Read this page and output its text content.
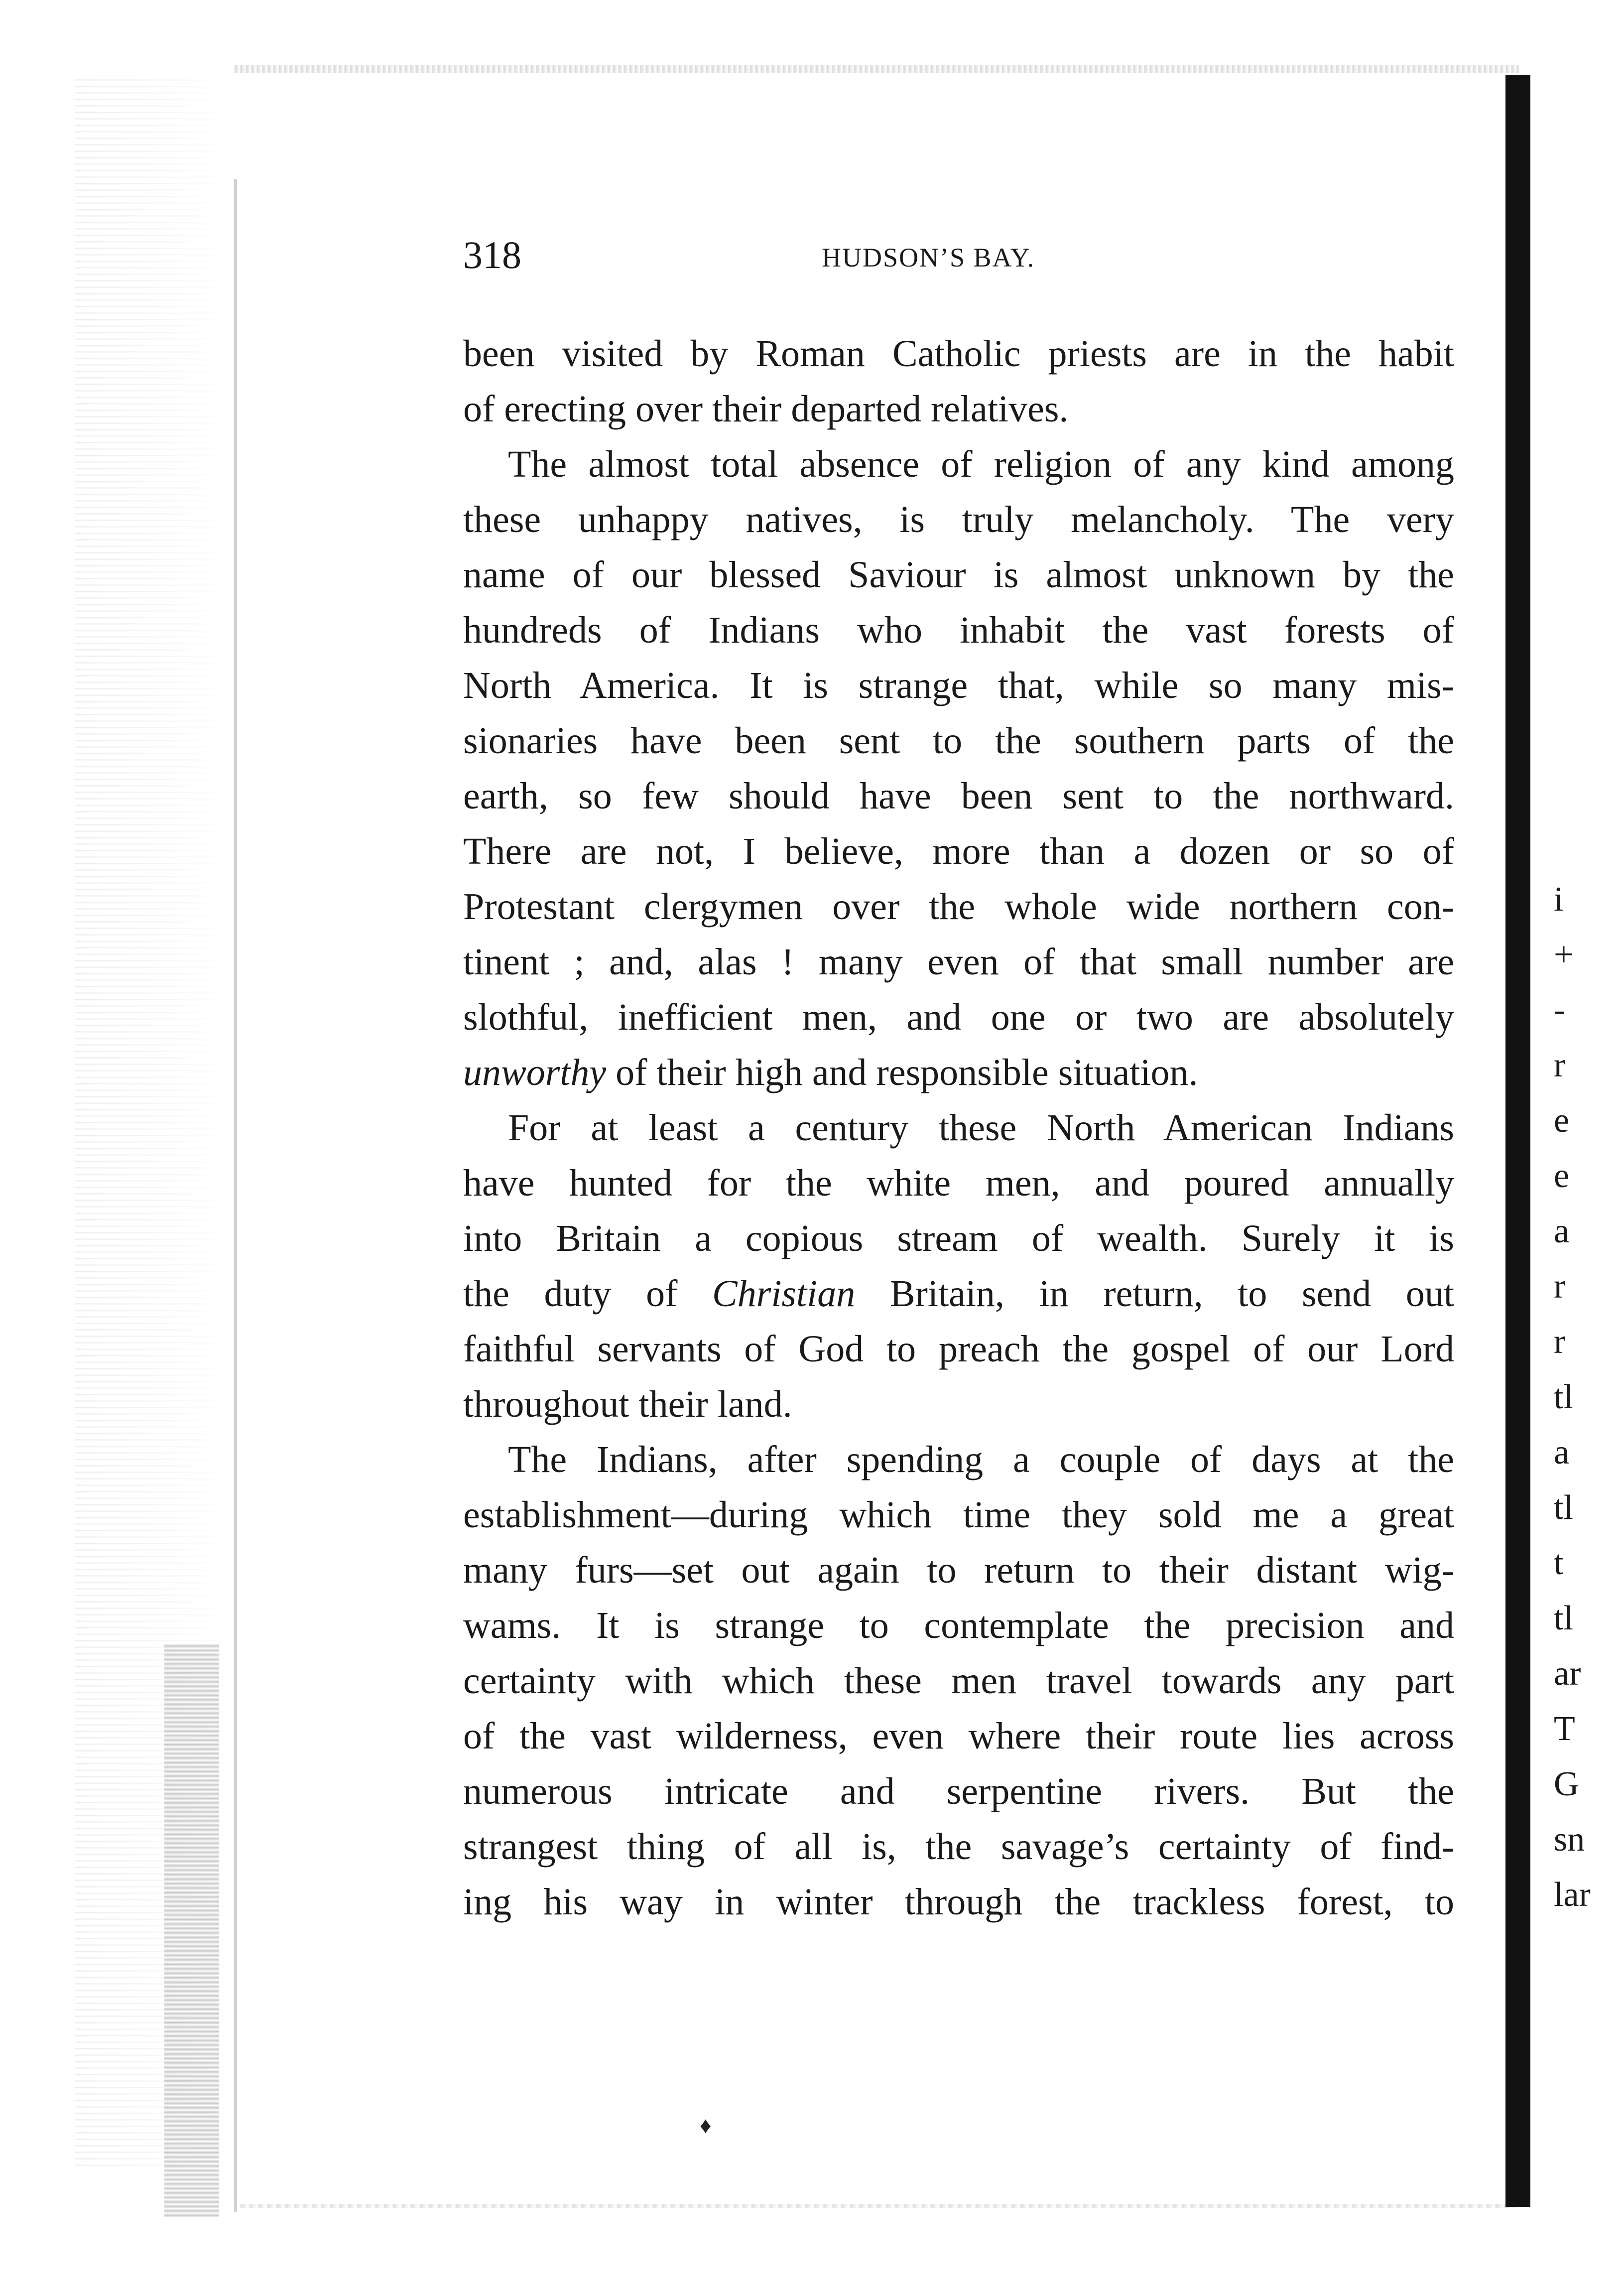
318	HUDSON’S BAY.
been visited by Roman Catholic priests are in the habit
of erecting over their departed relatives.
The almost total absence of religion of any kind among
these unhappy natives, is truly melancholy. The very
name of our blessed Saviour is almost unknown by the
hundreds of Indians who inhabit the vast forests of
North America. It is strange that, while so many mis-
sionaries have been sent to the southern parts of the
earth, so few should have been sent to the northward.
There are not, I believe, more than a dozen or so of
Protestant clergymen over the whole wide northern con-
tinent ; and, alas ! many even of that small number are
slothful, inefficient men, and one or two are absolutely
unworthy of their high and responsible situation.
For at least a century these North American Indians
have hunted for the white men, and poured annually
into Britain a copious stream of wealth. Surely it is
the duty of Christian Britain, in return, to send out
faithful servants of God to preach the gospel of our Lord
throughout their land.
The Indians, after spending a couple of days at the
establishment—during which time they sold me a great
many furs—set out again to return to their distant wig-
wams. It is strange to contemplate the precision and
certainty with which these men travel towards any part
of the vast wilderness, even where their route lies across
numerous intricate and serpentine rivers. But the
strangest thing of all is, the savage’s certainty of find-
ing his way in winter through the trackless forest, to
i
+
-
r
e
e
a
r
r
tl
a
tl
t
tl
ar
T
G
sn
lar
♦
